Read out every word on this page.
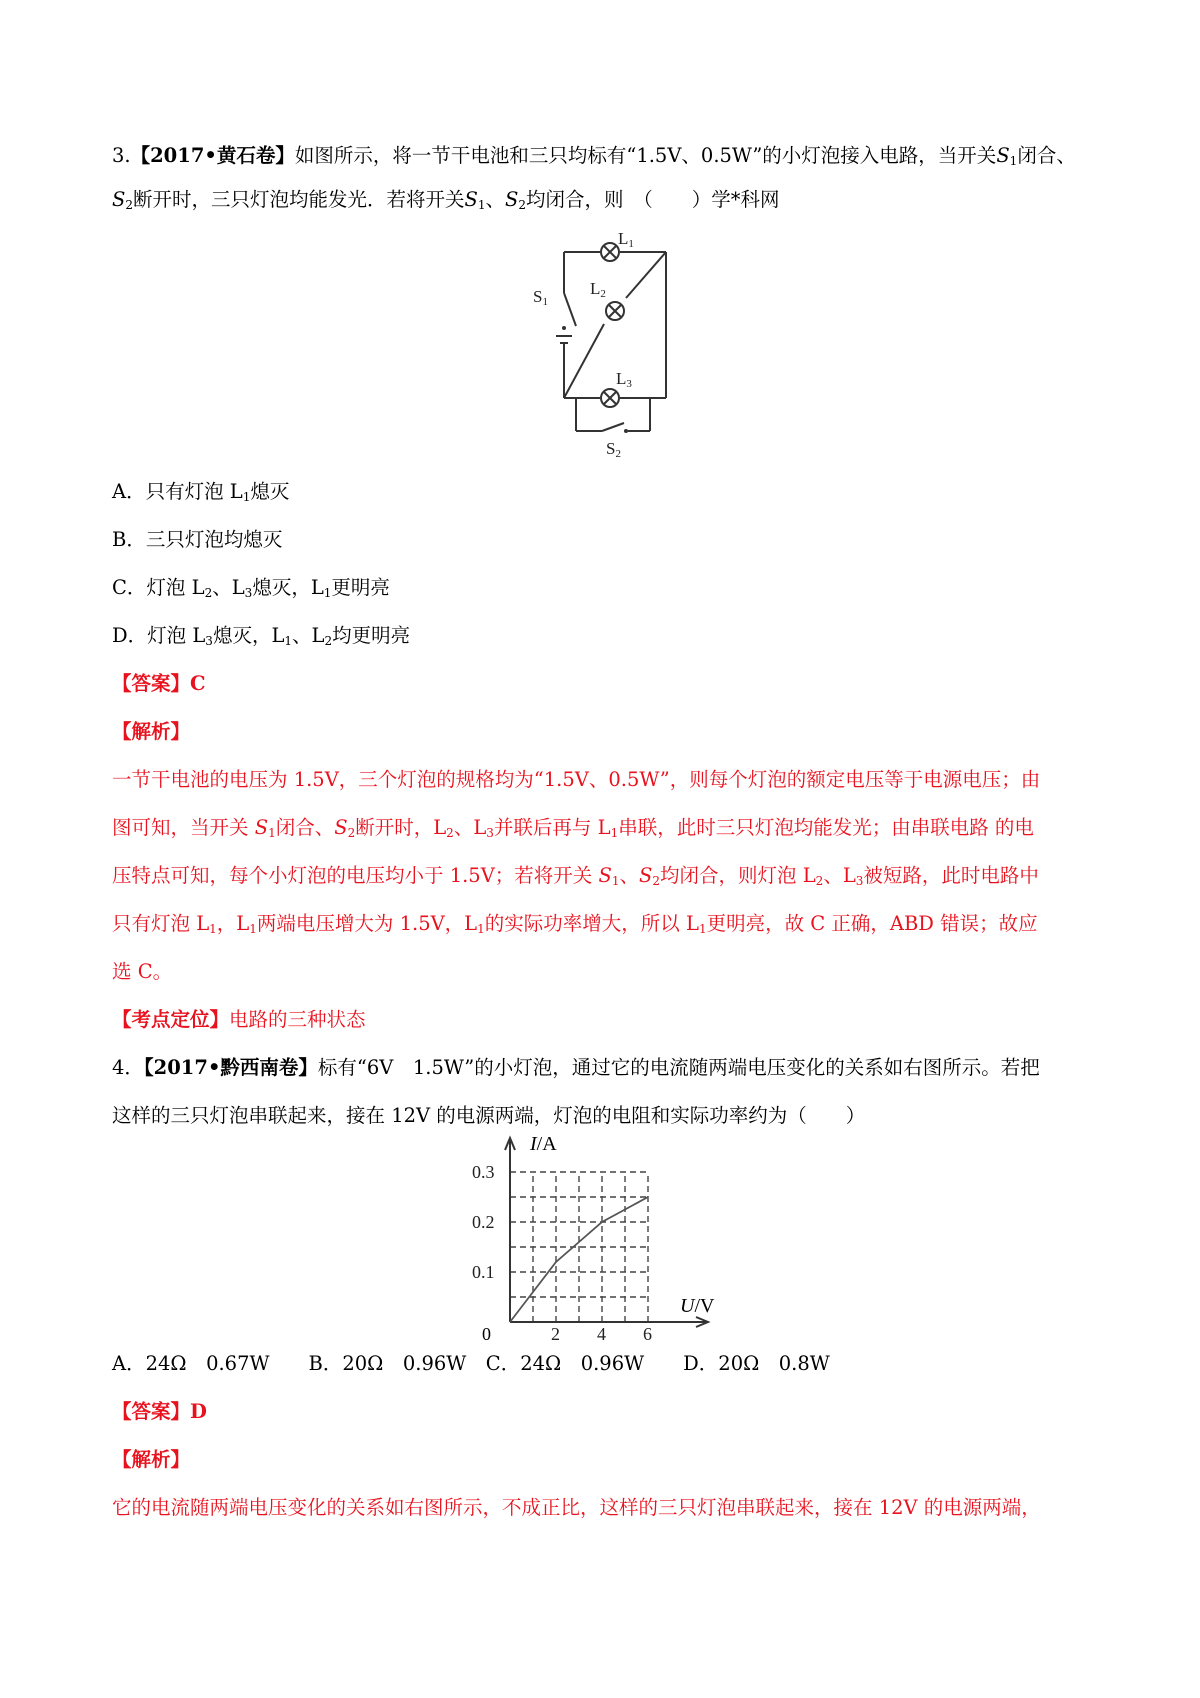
3.【2017•黄石卷】如图所示，将一节干电池和三只均标有“1.5V、0.5W”的小灯泡接入电路，当开关$S_1$闭合、

$S_2$断开时，三只灯泡均能发光．若将开关$S_1$、$S_2$均闭合，则　（　　）学*科网

L1
L2
L3
S1
S2

A．只有灯泡 $L_1$熄灭

B．三只灯泡均熄灭

C．灯泡 $L_2$、$L_3$熄灭，$L_1$更明亮

D．灯泡 $L_3$熄灭，$L_1$、$L_2$均更明亮

【答案】C

【解析】

一节干电池的电压为 1.5V，三个灯泡的规格均为“1.5V、0.5W”，则每个灯泡的额定电压等于电源电压；由

图可知，当开关 $S_1$闭合、$S_2$断开时，$L_2$、$L_3$并联后再与 $L_1$串联，此时三只灯泡均能发光；由串联电路 的电

压特点可知，每个小灯泡的电压均小于 1.5V；若将开关 $S_1$、$S_2$均闭合，则灯泡 $L_2$、$L_3$被短路，此时电路中

只有灯泡 $L_1$，$L_1$两端电压增大为 1.5V，$L_1$的实际功率增大，所以 $L_1$更明亮，故 C 正确，ABD 错误；故应

选 C。

【考点定位】电路的三种状态

4．【2017•黔西南卷】标有“6V　1.5W”的小灯泡，通过它的电流随两端电压变化的关系如右图所示。若把

这样的三只灯泡串联起来，接在 12V 的电源两端，灯泡的电阻和实际功率约为（　　）

2 4 6
0.1
0.2
0.3
I/A
U/V
0

A．24Ω　0.67W　　B．20Ω　0.96W　C．24Ω　0.96W　　D．20Ω　0.8W

【答案】D

【解析】

它的电流随两端电压变化的关系如右图所示，不成正比，这样的三只灯泡串联起来，接在 12V 的电源两端，
